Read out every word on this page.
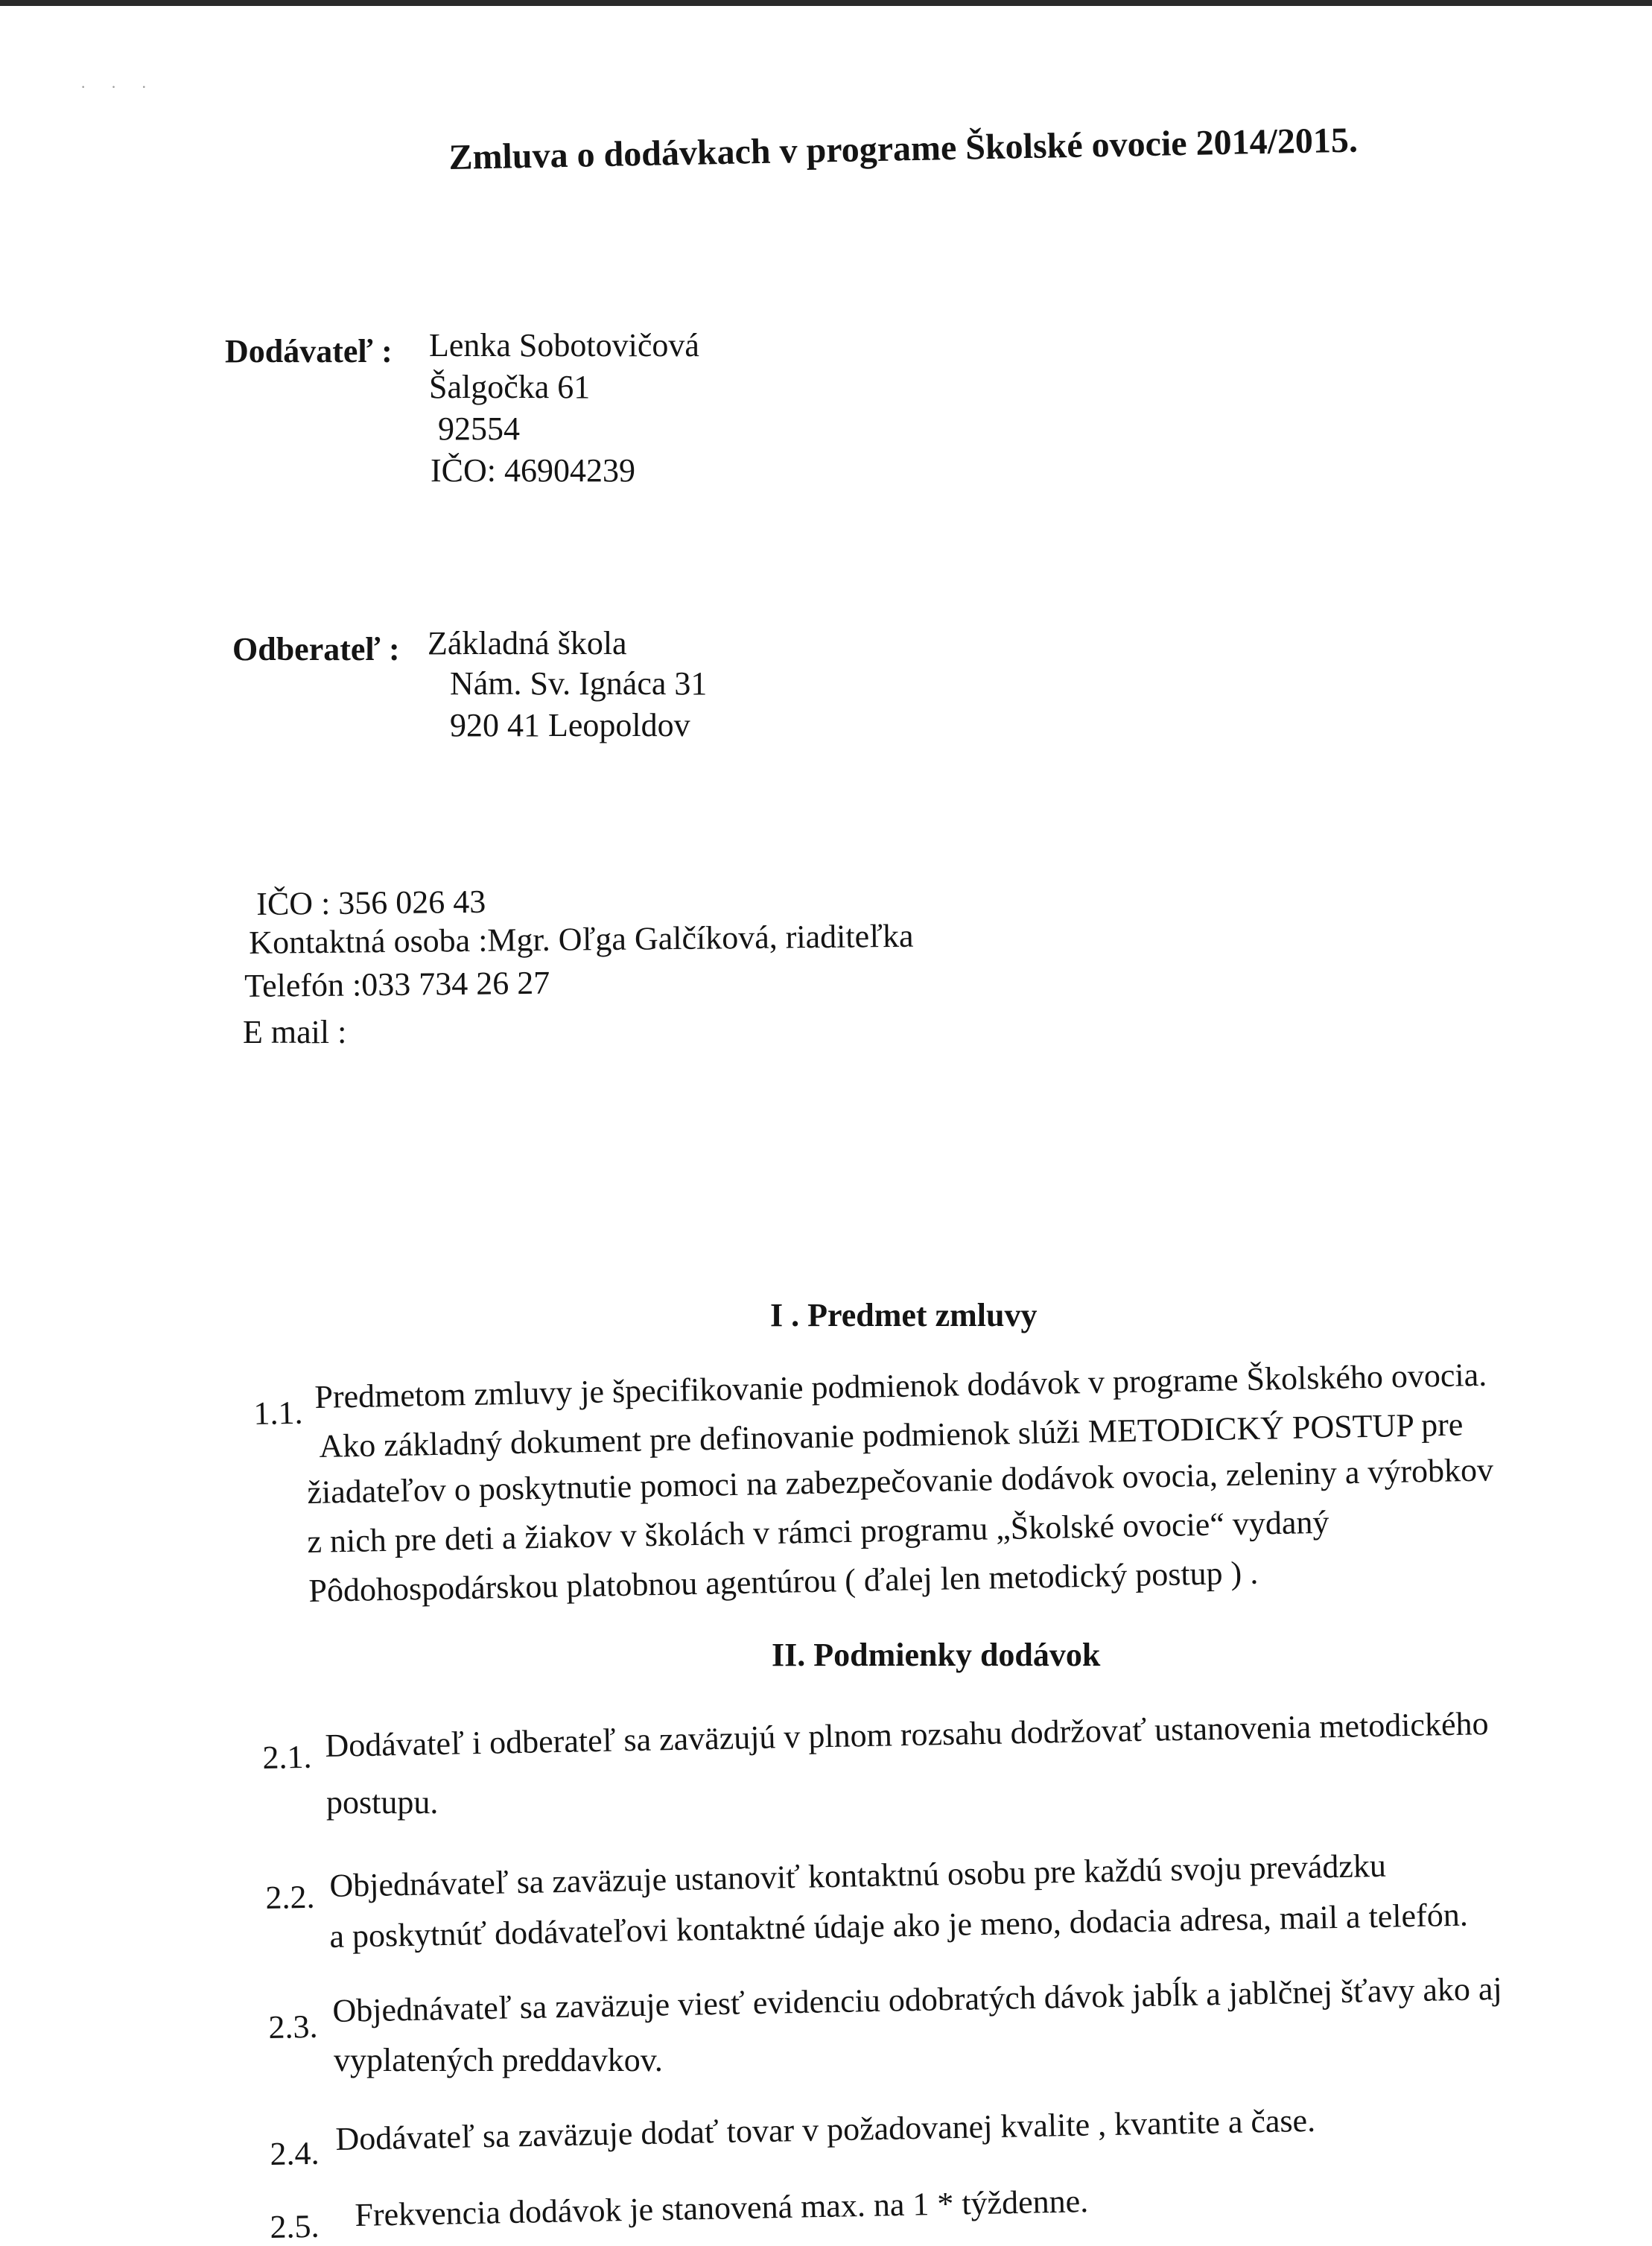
· · ·
Zmluva o dodávkach v programe Školské ovocie 2014/2015.
Dodávateľ : Lenka Sobotovičová
Šalgočka 61
92554
IČO: 46904239
Odberateľ : Základná škola
Nám. Sv. Ignáca 31
920 41 Leopoldov
IČO : 356 026 43
Kontaktná osoba :Mgr. Oľga Galčíková, riaditeľka
Telefón :033 734 26 27
E mail :
I . Predmet zmluvy
1.1. Predmetom zmluvy je špecifikovanie podmienok dodávok v programe Školského ovocia.
Ako základný dokument pre definovanie podmienok slúži METODICKÝ POSTUP pre
žiadateľov o poskytnutie pomoci na zabezpečovanie dodávok ovocia, zeleniny a výrobkov
z nich pre deti a žiakov v školách v rámci programu „Školské ovocie“ vydaný
Pôdohospodárskou platobnou agentúrou ( ďalej len metodický postup ) .
II. Podmienky dodávok
2.1. Dodávateľ i odberateľ sa zaväzujú v plnom rozsahu dodržovať ustanovenia metodického
postupu.
2.2. Objednávateľ sa zaväzuje ustanoviť kontaktnú osobu pre každú svoju prevádzku
a poskytnúť dodávateľovi kontaktné údaje ako je meno, dodacia adresa, mail a telefón.
2.3. Objednávateľ sa zaväzuje viesť evidenciu odobratých dávok jabĺk a jablčnej šťavy ako aj
vyplatených preddavkov.
2.4. Dodávateľ sa zaväzuje dodať tovar v požadovanej kvalite , kvantite a čase.
2.5. Frekvencia dodávok je stanovená max. na 1 * týždenne.
